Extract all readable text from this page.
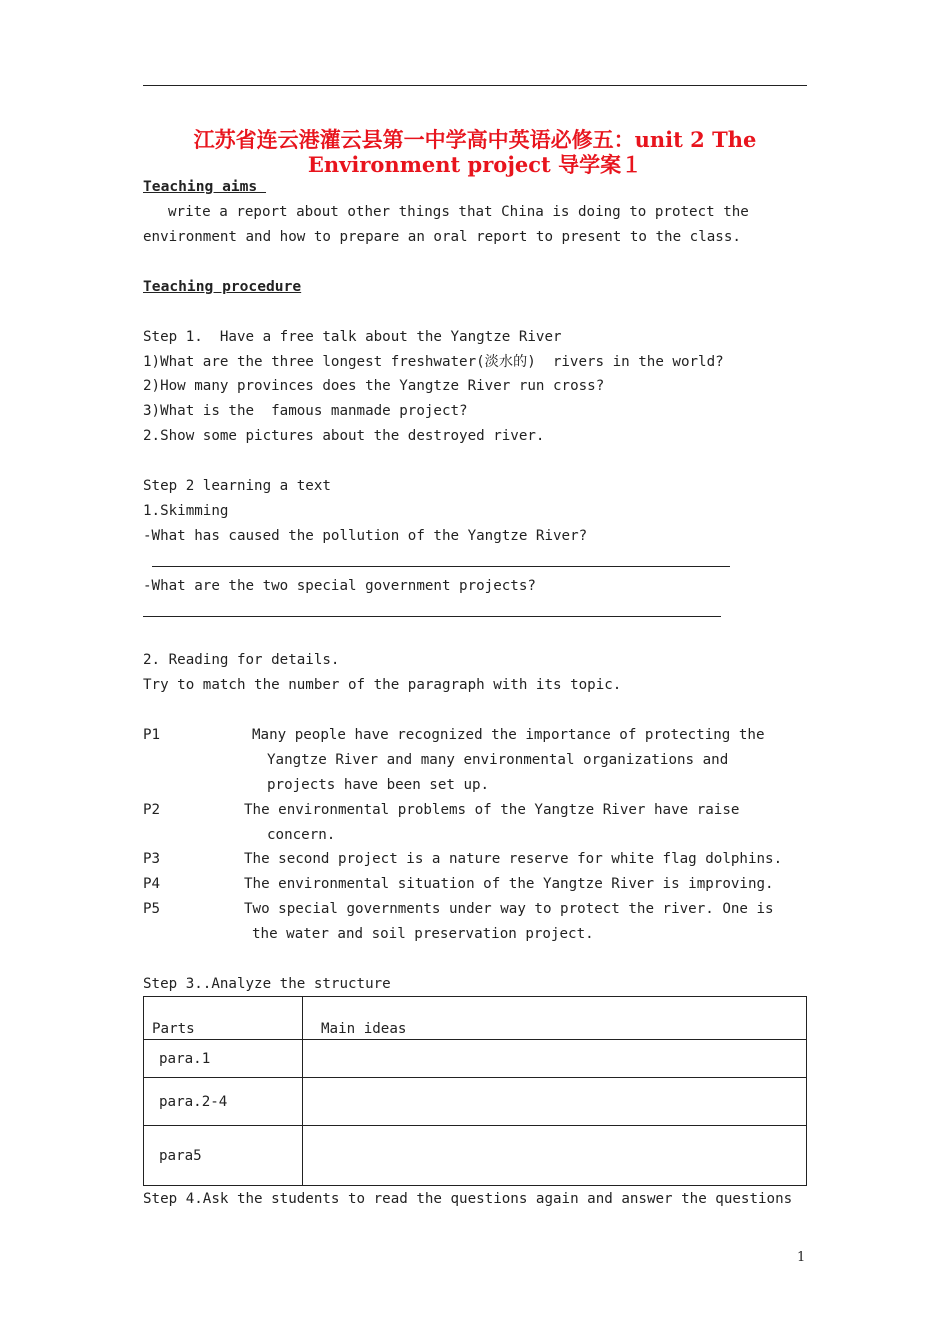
江苏省连云港灌云县第一中学高中英语必修五：unit 2 The
Environment project 导学案１
Teaching aims
write a report about other things that China is doing to protect the
environment and how to prepare an oral report to present to the class.
Teaching procedure
Step 1.  Have a free talk about the Yangtze River
1)What are the three longest freshwater(淡水的)  rivers in the world?
2)How many provinces does the Yangtze River run cross?
3)What is the  famous manmade project?
2.Show some pictures about the destroyed river.
Step 2 learning a text
1.Skimming
-What has caused the pollution of the Yangtze River?
-What are the two special government projects?
2. Reading for details.
Try to match the number of the paragraph with its topic.
P1	Many people have recognized the importance of protecting the
Yangtze River and many environmental organizations and
projects have been set up.
P2	The environmental problems of the Yangtze River have raise
concern.
P3	The second project is a nature reserve for white flag dolphins.
P4	The environmental situation of the Yangtze River is improving.
P5	Two special governments under way to protect the river. One is
the water and soil preservation project.
Step 3..Analyze the structure
Parts	Main ideas
para.1	
para.2-4	
para5	
Step 4.Ask the students to read the questions again and answer the questions
1
